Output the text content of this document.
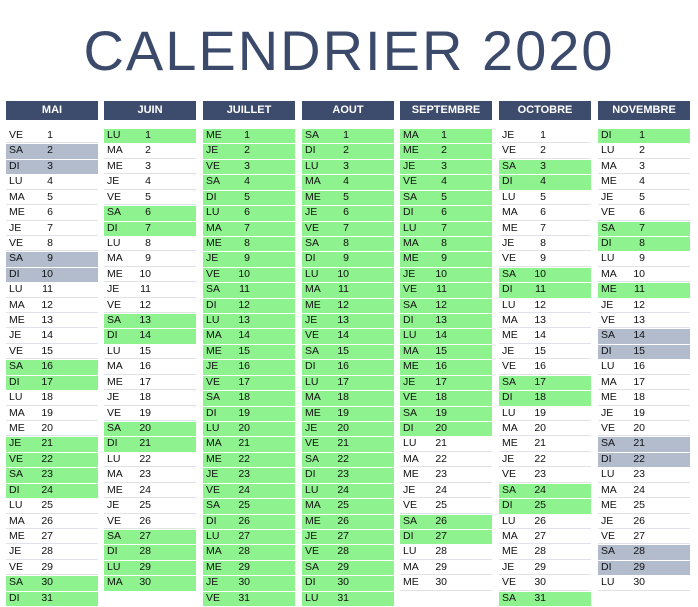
CALENDRIER 2020
MAI
VE	1
SA	2
DI	3
LU	4
MA	5
ME	6
JE	7
VE	8
SA	9
DI 10
LU 11
MA 12
ME 13
JE 14
VE 15
SA 16
DI 17
LU 18
MA 19
ME 20
JE 21
VE 22
SA 23
DI 24
LU 25
MA 26
ME 27
JE 28
VE 29
SA 30
DI 31
JUIN
LU	1
MA	2
ME	3
JE	4
VE	5
SA	6
DI	7
LU	8
MA	9
ME 10
JE 11
VE 12
SA 13
DI 14
LU 15
MA 16
ME 17
JE 18
VE 19
SA 20
DI 21
LU 22
MA 23
ME 24
JE 25
VE 26
SA 27
DI 28
LU 29
MA 30
JUILLET
ME	1
JE	2
VE	3
SA	4
DI	5
LU	6
MA	7
ME	8
JE	9
VE 10
SA 11
DI 12
LU 13
MA 14
ME 15
JE 16
VE 17
SA 18
DI 19
LU 20
MA 21
ME 22
JE 23
VE 24
SA 25
DI 26
LU 27
MA 28
ME 29
JE 30
VE 31
AOUT
SA	1
DI	2
LU	3
MA	4
ME	5
JE	6
VE	7
SA	8
DI	9
LU 10
MA 11
ME 12
JE 13
VE 14
SA 15
DI 16
LU 17
MA 18
ME 19
JE 20
VE 21
SA 22
DI 23
LU 24
MA 25
ME 26
JE 27
VE 28
SA 29
DI 30
LU 31
SEPTEMBRE
MA	1
ME	2
JE	3
VE	4
SA	5
DI	6
LU	7
MA	8
ME	9
JE 10
VE 11
SA 12
DI 13
LU 14
MA 15
ME 16
JE 17
VE 18
SA 19
DI 20
LU 21
MA 22
ME 23
JE 24
VE 25
SA 26
DI 27
LU 28
MA 29
ME 30
OCTOBRE
JE	1
VE	2
SA	3
DI	4
LU	5
MA	6
ME	7
JE	8
VE	9
SA 10
DI 11
LU 12
MA 13
ME 14
JE 15
VE 16
SA 17
DI 18
LU 19
MA 20
ME 21
JE 22
VE 23
SA 24
DI 25
LU 26
MA 27
ME 28
JE 29
VE 30
SA 31
NOVEMBRE
DI	1
LU	2
MA	3
ME	4
JE	5
VE	6
SA	7
DI	8
LU	9
MA 10
ME 11
JE 12
VE 13
SA 14
DI 15
LU 16
MA 17
ME 18
JE 19
VE 20
SA 21
DI 22
LU 23
MA 24
ME 25
JE 26
VE 27
SA 28
DI 29
LU 30
